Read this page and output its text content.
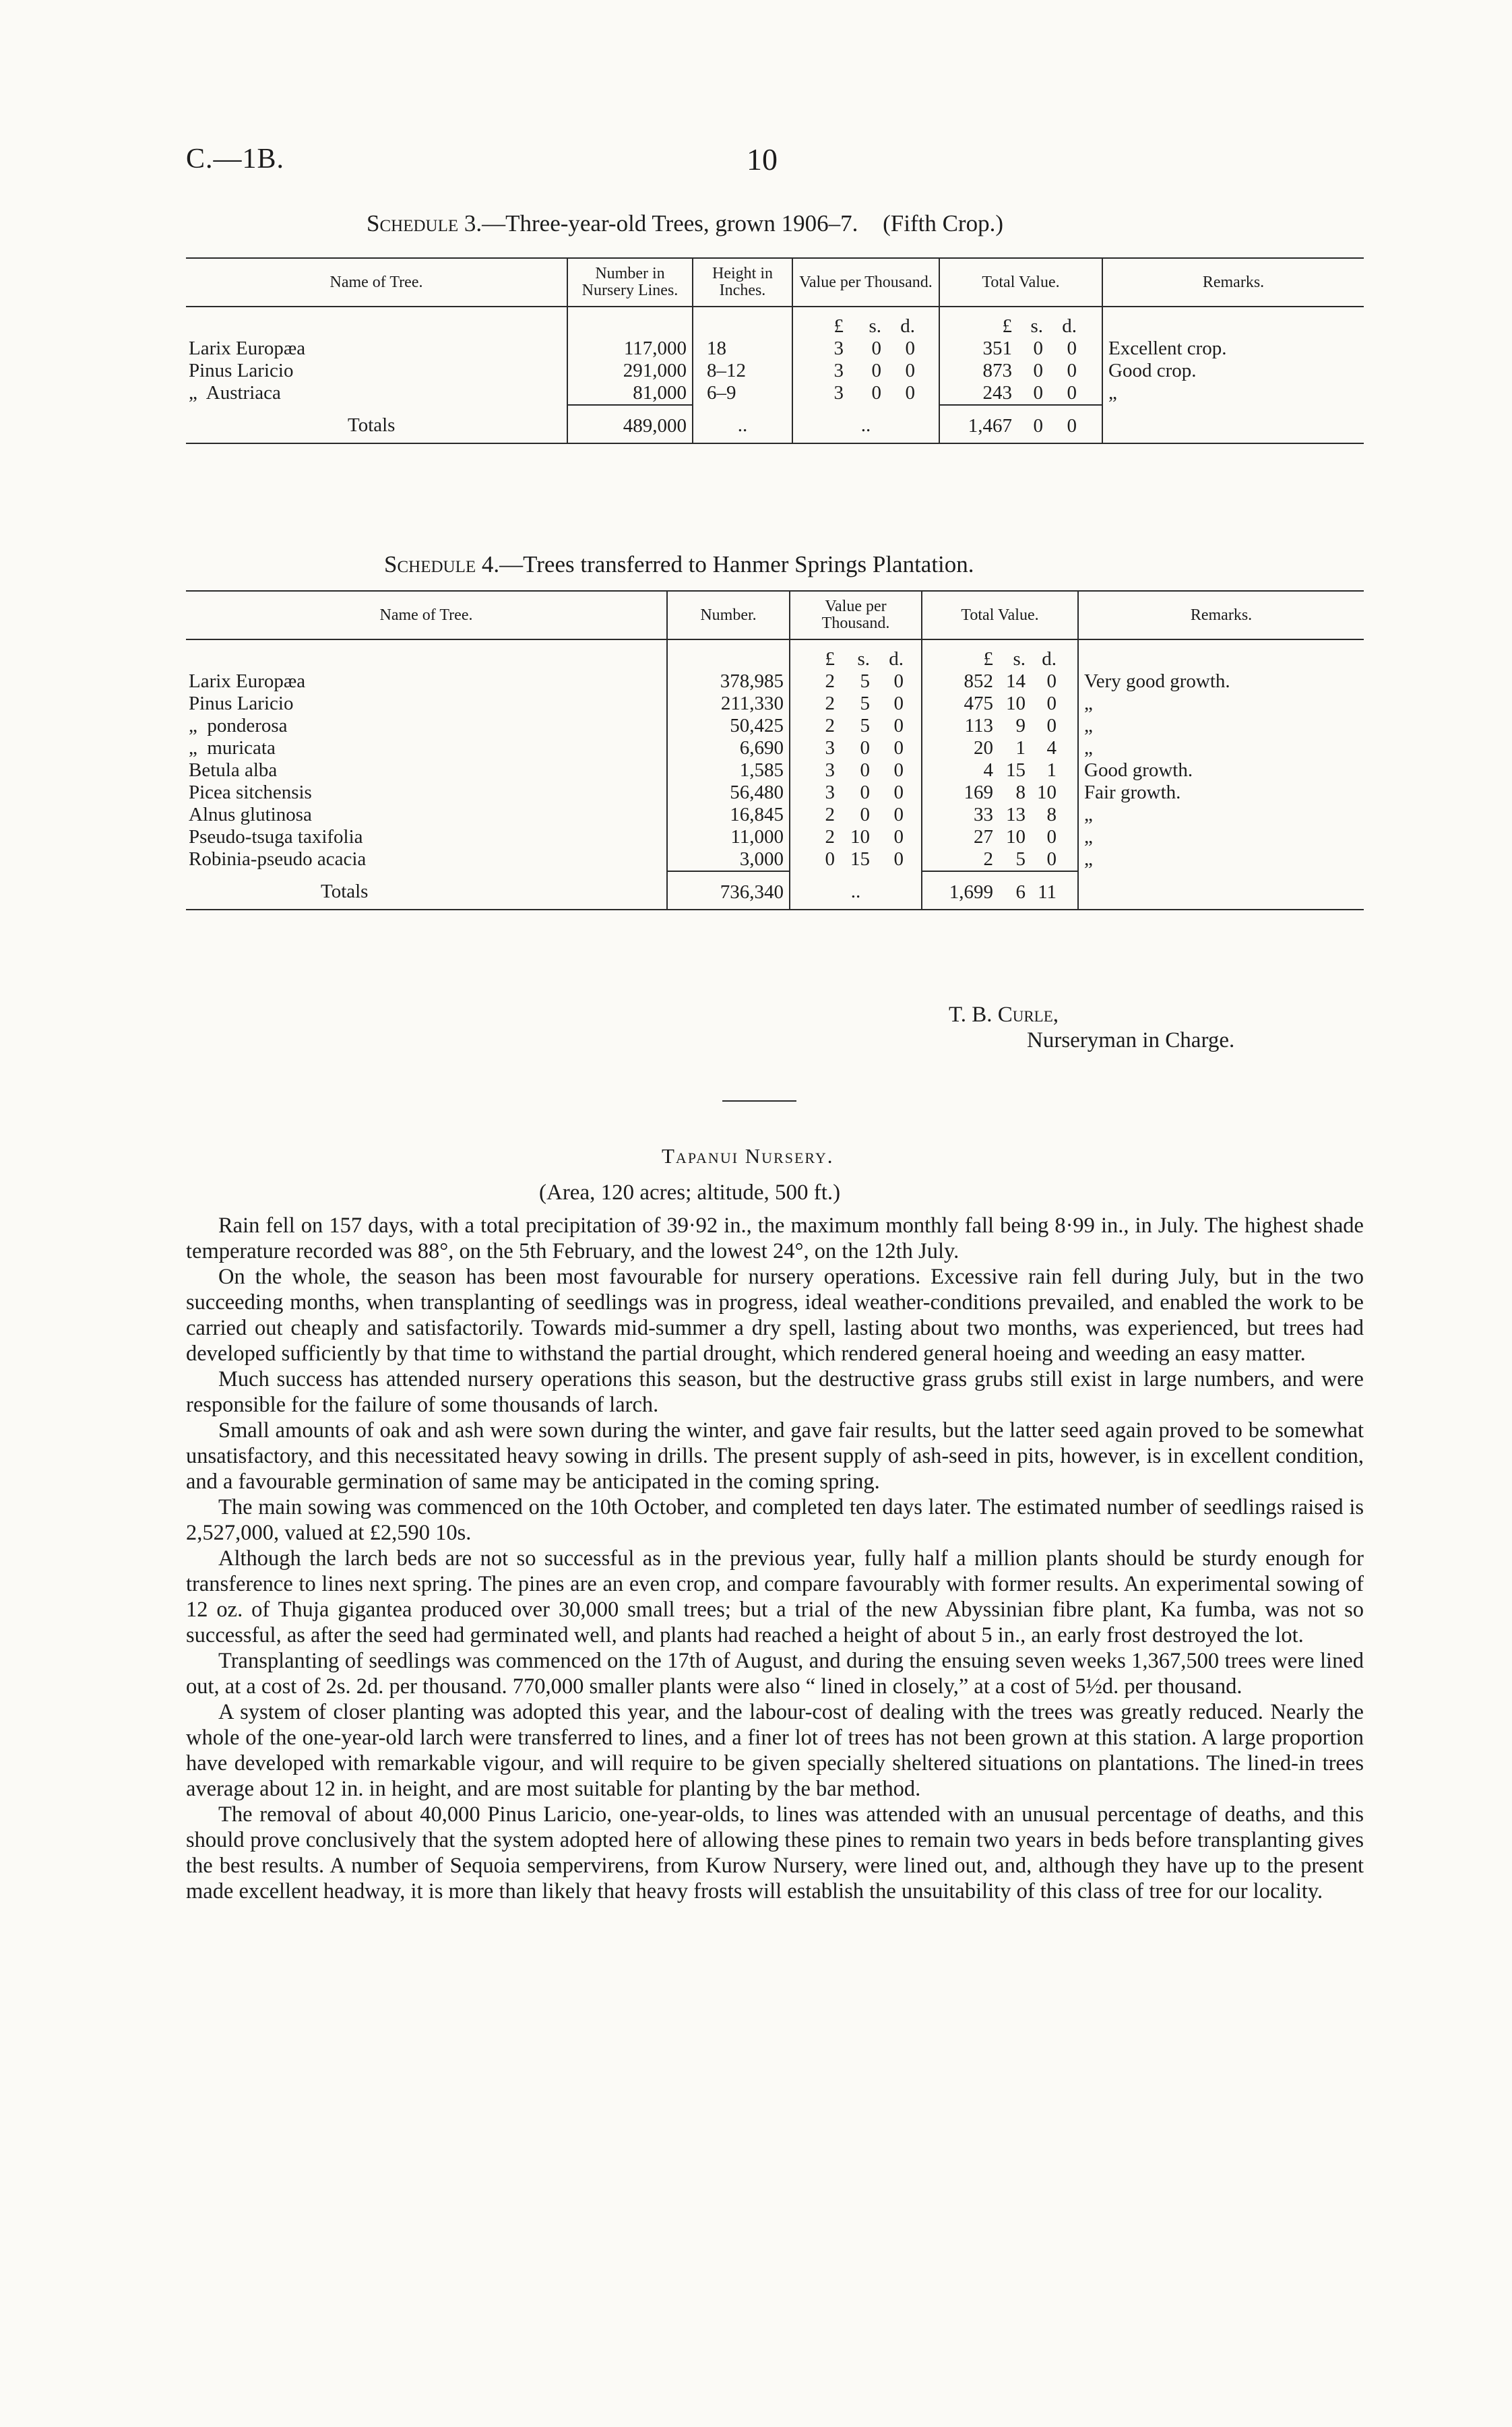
C.—1B.	10
Schedule 3.—Three-year-old Trees, grown 1906–7. (Fifth Crop.)
Name of Tree.	Number in Nursery Lines.	Height in Inches.	Value per Thousand.	Total Value.	Remarks.
			£ s. d.	£ s. d.	
Larix Europæa	117,000	18	3 0 0	351 0 0	Excellent crop.
Pinus Laricio	291,000	8–12	3 0 0	873 0 0	Good crop.
„  Austriaca	81,000	6–9	3 0 0	243 0 0	„
Totals	489,000	..	..	1,467 0 0	
Schedule 4.—Trees transferred to Hanmer Springs Plantation.
Name of Tree.	Number.	Value per Thousand.	Total Value.	Remarks.
		£ s. d.	£ s. d.	
Larix Europæa	378,985	2 5 0	852 14 0	Very good growth.
Pinus Laricio	211,330	2 5 0	475 10 0	„
„  ponderosa	50,425	2 5 0	113 9 0	„
„  muricata	6,690	3 0 0	20 1 4	„
Betula alba	1,585	3 0 0	4 15 1	Good growth.
Picea sitchensis	56,480	3 0 0	169 8 10	Fair growth.
Alnus glutinosa	16,845	2 0 0	33 13 8	„
Pseudo-tsuga taxifolia	11,000	2 10 0	27 10 0	„
Robinia-pseudo acacia	3,000	0 15 0	2 5 0	„
Totals	736,340	..	1,699 6 11	
T. B. Curle,
Nurseryman in Charge.
Tapanui Nursery.
(Area, 120 acres; altitude, 500 ft.)

Rain fell on 157 days, with a total precipitation of 39·92 in., the maximum monthly fall being 8·99 in., in July. The highest shade temperature recorded was 88°, on the 5th February, and the lowest 24°, on the 12th July.

On the whole, the season has been most favourable for nursery operations. Excessive rain fell during July, but in the two succeeding months, when transplanting of seedlings was in progress, ideal weather-conditions prevailed, and enabled the work to be carried out cheaply and satisfactorily. Towards mid-summer a dry spell, lasting about two months, was experienced, but trees had developed sufficiently by that time to withstand the partial drought, which rendered general hoeing and weeding an easy matter.

Much success has attended nursery operations this season, but the destructive grass grubs still exist in large numbers, and were responsible for the failure of some thousands of larch.

Small amounts of oak and ash were sown during the winter, and gave fair results, but the latter seed again proved to be somewhat unsatisfactory, and this necessitated heavy sowing in drills. The present supply of ash-seed in pits, however, is in excellent condition, and a favourable germination of same may be anticipated in the coming spring.

The main sowing was commenced on the 10th October, and completed ten days later. The estimated number of seedlings raised is 2,527,000, valued at £2,590 10s.

Although the larch beds are not so successful as in the previous year, fully half a million plants should be sturdy enough for transference to lines next spring. The pines are an even crop, and compare favourably with former results. An experimental sowing of 12 oz. of Thuja gigantea produced over 30,000 small trees; but a trial of the new Abyssinian fibre plant, Ka fumba, was not so successful, as after the seed had germinated well, and plants had reached a height of about 5 in., an early frost destroyed the lot.

Transplanting of seedlings was commenced on the 17th of August, and during the ensuing seven weeks 1,367,500 trees were lined out, at a cost of 2s. 2d. per thousand. 770,000 smaller plants were also “ lined in closely,” at a cost of 5½d. per thousand.

A system of closer planting was adopted this year, and the labour-cost of dealing with the trees was greatly reduced. Nearly the whole of the one-year-old larch were transferred to lines, and a finer lot of trees has not been grown at this station. A large proportion have developed with remarkable vigour, and will require to be given specially sheltered situations on plantations. The lined-in trees average about 12 in. in height, and are most suitable for planting by the bar method.

The removal of about 40,000 Pinus Laricio, one-year-olds, to lines was attended with an unusual percentage of deaths, and this should prove conclusively that the system adopted here of allowing these pines to remain two years in beds before transplanting gives the best results. A number of Sequoia sempervirens, from Kurow Nursery, were lined out, and, although they have up to the present made excellent headway, it is more than likely that heavy frosts will establish the unsuitability of this class of tree for our locality.
